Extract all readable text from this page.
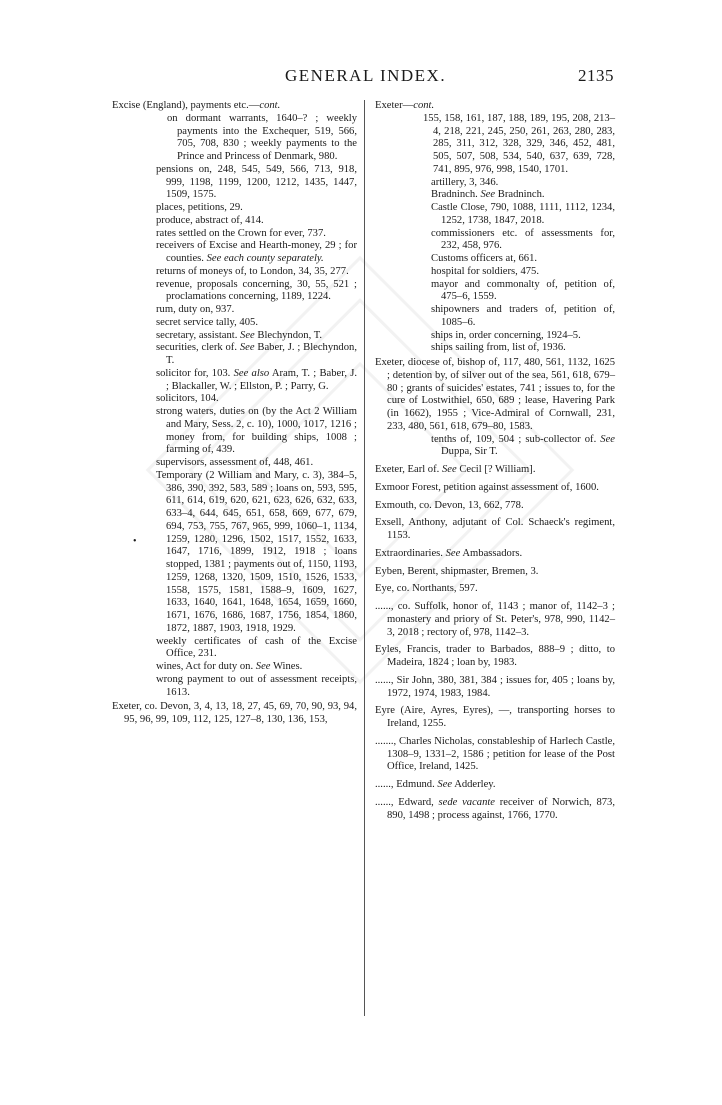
GENERAL INDEX.	2135
•
Excise (England), payments etc.—cont.
on dormant warrants, 1640–? ; weekly payments into the Exchequer, 519, 566, 705, 708, 830 ; weekly payments to the Prince and Princess of Denmark, 980.
pensions on, 248, 545, 549, 566, 713, 918, 999, 1198, 1199, 1200, 1212, 1435, 1447, 1509, 1575.
places, petitions, 29.
produce, abstract of, 414.
rates settled on the Crown for ever, 737.
receivers of Excise and Hearth-money, 29 ; for counties. See each county separately.
returns of moneys of, to London, 34, 35, 277.
revenue, proposals concerning, 30, 55, 521 ; proclamations concerning, 1189, 1224.
rum, duty on, 937.
secret service tally, 405.
secretary, assistant. See Blechyndon, T.
securities, clerk of. See Baber, J. ; Blechyndon, T.
solicitor for, 103. See also Aram, T. ; Baber, J. ; Blackaller, W. ; Ellston, P. ; Parry, G.
solicitors, 104.
strong waters, duties on (by the Act 2 William and Mary, Sess. 2, c. 10), 1000, 1017, 1216 ; money from, for building ships, 1008 ; farming of, 439.
supervisors, assessment of, 448, 461.
Temporary (2 William and Mary, c. 3), 384–5, 386, 390, 392, 583, 589 ; loans on, 593, 595, 611, 614, 619, 620, 621, 623, 626, 632, 633, 633–4, 644, 645, 651, 658, 669, 677, 679, 694, 753, 755, 767, 965, 999, 1060–1, 1134, 1259, 1280, 1296, 1502, 1517, 1552, 1633, 1647, 1716, 1899, 1912, 1918 ; loans stopped, 1381 ; payments out of, 1150, 1193, 1259, 1268, 1320, 1509, 1510, 1526, 1533, 1558, 1575, 1581, 1588–9, 1609, 1627, 1633, 1640, 1641, 1648, 1654, 1659, 1660, 1671, 1676, 1686, 1687, 1756, 1854, 1860, 1872, 1887, 1903, 1918, 1929.
weekly certificates of cash of the Excise Office, 231.
wines, Act for duty on. See Wines.
wrong payment to out of assessment receipts, 1613.
Exeter, co. Devon, 3, 4, 13, 18, 27, 45, 69, 70, 90, 93, 94, 95, 96, 99, 109, 112, 125, 127–8, 130, 136, 153,
Exeter—cont.
155, 158, 161, 187, 188, 189, 195, 208, 213–4, 218, 221, 245, 250, 261, 263, 280, 283, 285, 311, 312, 328, 329, 346, 452, 481, 505, 507, 508, 534, 540, 637, 639, 728, 741, 895, 976, 998, 1540, 1701.
artillery, 3, 346.
Bradninch. See Bradninch.
Castle Close, 790, 1088, 1111, 1112, 1234, 1252, 1738, 1847, 2018.
commissioners etc. of assessments for, 232, 458, 976.
Customs officers at, 661.
hospital for soldiers, 475.
mayor and commonalty of, petition of, 475–6, 1559.
shipowners and traders of, petition of, 1085–6.
ships in, order concerning, 1924–5.
ships sailing from, list of, 1936.
Exeter, diocese of, bishop of, 117, 480, 561, 1132, 1625 ; detention by, of silver out of the sea, 561, 618, 679–80 ; grants of suicides' estates, 741 ; issues to, for the cure of Lostwithiel, 650, 689 ; lease, Havering Park (in 1662), 1955 ; Vice-Admiral of Cornwall, 231, 233, 480, 561, 618, 679–80, 1583.
tenths of, 109, 504 ; sub-collector of. See Duppa, Sir T.
Exeter, Earl of. See Cecil [? William].
Exmoor Forest, petition against assessment of, 1600.
Exmouth, co. Devon, 13, 662, 778.
Exsell, Anthony, adjutant of Col. Schaeck's regiment, 1153.
Extraordinaries. See Ambassadors.
Eyben, Berent, shipmaster, Bremen, 3.
Eye, co. Northants, 597.
......, co. Suffolk, honor of, 1143 ; manor of, 1142–3 ; monastery and priory of St. Peter's, 978, 990, 1142–3, 2018 ; rectory of, 978, 1142–3.
Eyles, Francis, trader to Barbados, 888–9 ; ditto, to Madeira, 1824 ; loan by, 1983.
......, Sir John, 380, 381, 384 ; issues for, 405 ; loans by, 1972, 1974, 1983, 1984.
Eyre (Aire, Ayres, Eyres), —, transporting horses to Ireland, 1255.
......., Charles Nicholas, constableship of Harlech Castle, 1308–9, 1331–2, 1586 ; petition for lease of the Post Office, Ireland, 1425.
......, Edmund. See Adderley.
......, Edward, sede vacante receiver of Norwich, 873, 890, 1498 ; process against, 1766, 1770.
